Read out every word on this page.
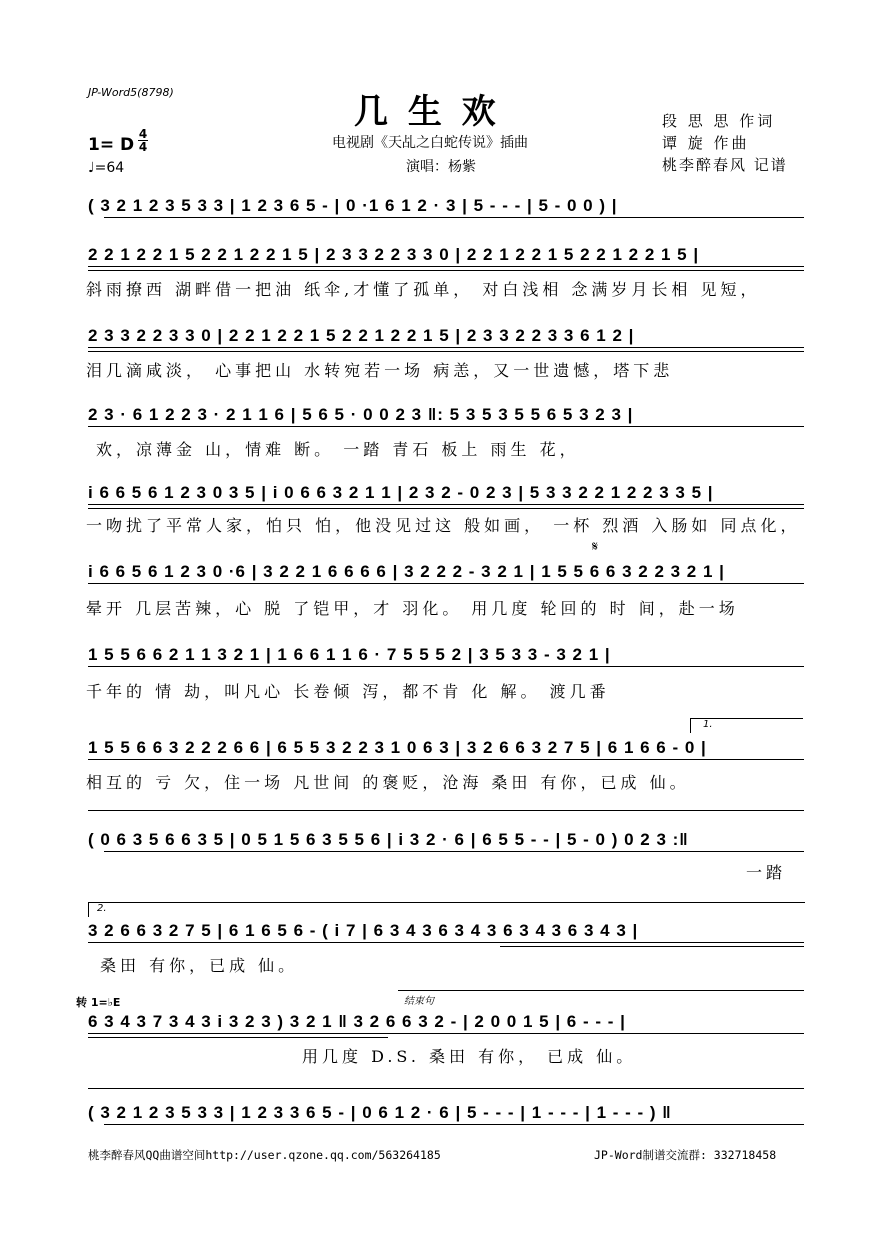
JP-Word5(8798)	几 生 欢
电视剧《天乩之白蛇传说》插曲
演唱：杨紫
1= D
4
4
♩=64
段 思 思 作词
谭 旋 作曲
桃李醉春风 记谱
( 3 2 1 2 3 5 3 3 | 1 2 3 6 5 - | 0 ·1 6 1 2 · 3 | 5 - - - | 5 - 0 0 ) |
2 2 1 2 2 1 5 2 2 1 2 2 1 5 | 2 3 3 2 2 3 3 0 | 2 2 1 2 2 1 5 2 2 1 2 2 1 5 |
斜雨撩西 湖畔借一把油 纸伞,才懂了孤单， 对白浅相 念满岁月长相 见短，
2 3 3 2 2 3 3 0 | 2 2 1 2 2 1 5 2 2 1 2 2 1 5 | 2 3 3 2 2 3 3 6 1 2 |
泪几滴咸淡， 心事把山 水转宛若一场 病恙，又一世遗憾，塔下悲
2 3 · 6 1 2 2 3 · 2 1 1 6 | 5 6 5 · 0 0 2 3 ‖: 5 3 5 3 5 5 6 5 3 2 3 |
欢，凉薄金 山，情难 断。 一踏 青石 板上 雨生 花，
i 6 6 5 6 1 2 3 0 3 5 | i 0 6 6 3 2 1 1 | 2 3 2 - 0 2 3 | 5 3 3 2 2 1 2 2 3 3 5 |
一吻扰了平常人家，怕只 怕，他没见过这 般如画， 一杯 烈酒 入肠如 同点化，
𝄋
i 6 6 5 6 1 2 3 0 ·6 | 3 2 2 1 6 6 6 6 | 3 2 2 2 - 3 2 1 | 1 5 5 6 6 3 2 2 3 2 1 |
晕开 几层苦辣，心 脱 了铠甲，才 羽化。 用几度 轮回的 时 间，赴一场
1 5 5 6 6 2 1 1 3 2 1 | 1 6 6 1 1 6 · 7 5 5 5 2 | 3 5 3 3 - 3 2 1 |
千年的 情 劫，叫凡心 长卷倾 泻，都不肯 化 解。 渡几番
1.
1 5 5 6 6 3 2 2 2 6 6 | 6 5 5 3 2 2 3 1 0 6 3 | 3 2 6 6 3 2 7 5 | 6 1 6 6 - 0 |
相互的 亏 欠，住一场 凡世间 的褒贬，沧海 桑田 有你，已成 仙。
( 0 6 3 5 6 6 3 5 | 0 5 1 5 6 3 5 5 6 | i 3 2 · 6 | 6 5 5 - - | 5 - 0 ) 0 2 3 :‖
一踏
2.
3 2 6 6 3 2 7 5 | 6 1 6 5 6 - ( i 7 | 6 3 4 3 6 3 4 3 6 3 4 3 6 3 4 3 |
桑田 有你，已成 仙。
转 1=♭E	结束句
6 3 4 3 7 3 4 3 i 3 2 3 ) 3 2 1 ‖ 3 2 6 6 3 2 - | 2 0 0 1 5 | 6 - - - |
用几度 D.S. 桑田 有你， 已成 仙。
( 3 2 1 2 3 5 3 3 | 1 2 3 3 6 5 - | 0 6 1 2 · 6 | 5 - - - | 1 - - - | 1 - - - ) ‖
桃李醉春风QQ曲谱空间http://user.qzone.qq.com/563264185	JP-Word制谱交流群: 332718458
